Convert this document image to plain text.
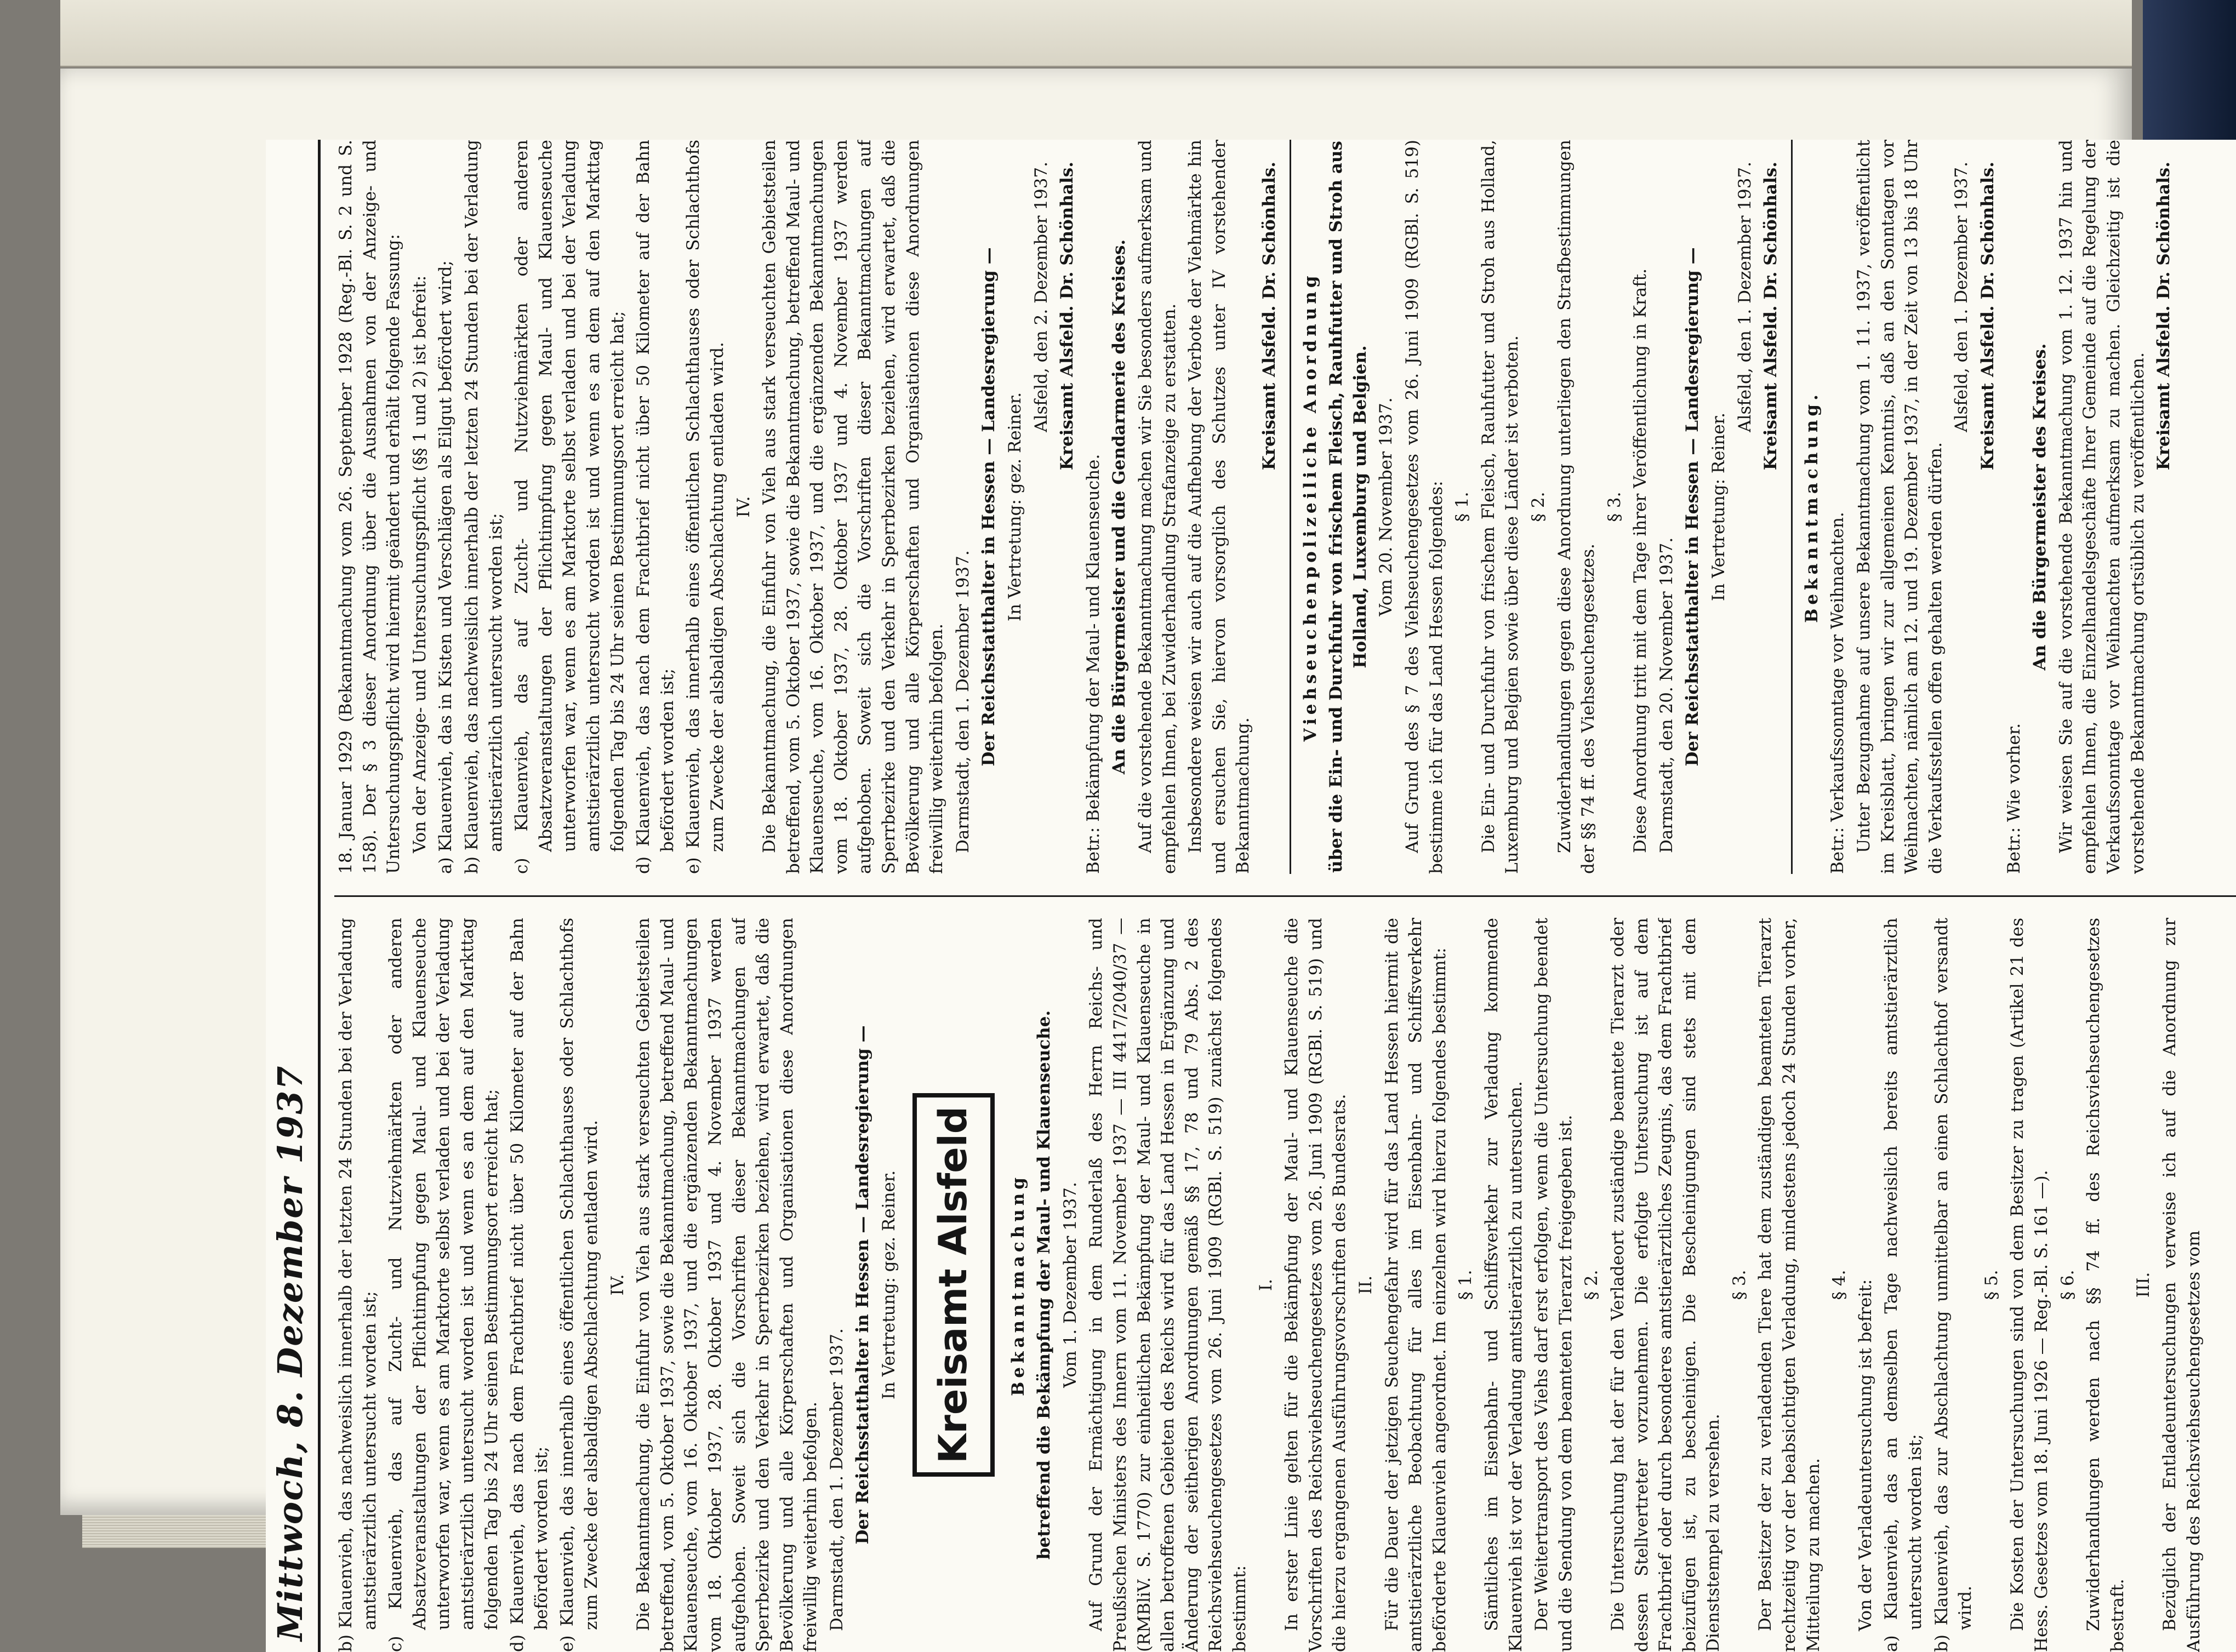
Mittwoch, 8. Dezember 1937 b) Klauenvieh, das nachweislich innerhalb der letzten 24 Stunden bei der Verladung amtstierärztlich untersucht worden ist; c) Klauenvieh, das auf Zucht- und Nutzviehmärkten oder anderen Absatzveranstaltungen der Pflichtimpfung gegen Maul- und Klauenseuche unterworfen war, wenn es am Marktorte selbst verladen und bei der Verladung amtstierärztlich untersucht worden ist und wenn es an dem auf den Markttag folgenden Tag bis 24 Uhr seinen Bestimmungsort erreicht hat; d) Klauenvieh, das nach dem Frachtbrief nicht über 50 Kilometer auf der Bahn befördert worden ist; e) Klauenvieh, das innerhalb eines öffentlichen Schlachthauses oder Schlachthofs zum Zwecke der alsbaldigen Abschlachtung entladen wird. IV. Die Bekanntmachung, die Einfuhr von Vieh aus stark verseuchten Gebietsteilen betreffend, vom 5. Oktober 1937, sowie die Bekanntmachung, betreffend Maul- und Klauenseuche, vom 16. Oktober 1937, und die ergänzenden Bekanntmachungen vom 18. Oktober 1937, 28. Oktober 1937 und 4. November 1937 werden aufgehoben. Soweit sich die Vorschriften dieser Bekanntmachungen auf Sperrbezirke und den Verkehr in Sperrbezirken beziehen, wird erwartet, daß die Bevölkerung und alle Körperschaften und Organisationen diese Anordnungen freiwillig weiterhin befolgen. Darmstadt, den 1. Dezember 1937. Der Reichsstatthalter in Hessen — Landesregierung — In Vertretung: gez. Reiner. Kreisamt Alsfeld	Bekanntmachung betreffend die Bekämpfung der Maul- und Klauenseuche. Vom 1. Dezember 1937. Auf Grund der Ermächtigung in dem Runderlaß des Herrn Reichs- und Preußischen Ministers des Innern vom 11. November 1937 — III 4417/2040/37 — (RMBliV. S. 1770) zur einheitlichen Bekämpfung der Maul- und Klauenseuche in allen betroffenen Gebieten des Reichs wird für das Land Hessen in Ergänzung und Änderung der seitherigen Anordnungen gemäß §§ 17, 78 und 79 Abs. 2 des Reichsviehseuchengesetzes vom 26. Juni 1909 (RGBl. S. 519) zunächst folgendes bestimmt:

I. In erster Linie gelten für die Bekämpfung der Maul- und Klauenseuche die Vorschriften des Reichsviehseuchengesetzes vom 26. Juni 1909 (RGBl. S. 519) und die hierzu ergangenen Ausführungsvorschriften des Bundesrats. II. Für die Dauer der jetzigen Seuchengefahr wird für das Land Hessen hiermit die amtstierärztliche Beobachtung für alles im Eisenbahn- und Schiffsverkehr beförderte Klauenvieh angeordnet. Im einzelnen wird hierzu folgendes bestimmt: § 1. Sämtliches im Eisenbahn- und Schiffsverkehr zur Verladung kommende Klauenvieh ist vor der Verladung amtstierärztlich zu untersuchen. Der Weitertransport des Viehs darf erst erfolgen, wenn die Untersuchung beendet und die Sendung von dem beamteten Tierarzt freigegeben ist. § 2. Die Untersuchung hat der für den Verladeort zuständige beamtete Tierarzt oder dessen Stellvertreter vorzunehmen. Die erfolgte Untersuchung ist auf dem Frachtbrief oder durch besonderes amtstierärztliches Zeugnis, das dem Frachtbrief beizufügen ist, zu bescheinigen. Die Bescheinigungen sind stets mit dem Dienststempel zu versehen.

§ 3. Der Besitzer der zu verladenden Tiere hat dem zuständigen beamteten Tierarzt rechtzeitig vor der beabsichtigten Verladung, mindestens jedoch 24 Stunden vorher, Mitteilung zu machen.

§ 4. Von der Verladeuntersuchung ist befreit: a) Klauenvieh, das an demselben Tage nachweislich bereits amtstierärztlich untersucht worden ist; b) Klauenvieh, das zur Abschlachtung unmittelbar an einen Schlachthof versandt wird.

§ 5. Die Kosten der Untersuchungen sind von dem Besitzer zu tragen (Artikel 21 des Hess. Gesetzes vom 18. Juni 1926 — Reg.-Bl. S. 161 —). § 6. Zuwiderhandlungen werden nach §§ 74 ff. des Reichsviehseuchengesetzes bestraft.

III. Bezüglich der Entladeuntersuchungen verweise ich auf die Anordnung zur Ausführung des Reichsviehseuchengesetzes vom

18. Januar 1929 (Bekanntmachung vom 26. September 1928 (Reg.-Bl. S. 2 und S. 158). Der § 3 dieser Anordnung über die Ausnahmen von der Anzeige- und Untersuchungspflicht wird hiermit geändert und erhält folgende Fassung: Von der Anzeige- und Untersuchungspflicht (§§ 1 und 2) ist befreit: a) Klauenvieh, das in Kisten und Verschlägen als Eilgut befördert wird; b) Klauenvieh, das nachweislich innerhalb der letzten 24 Stunden bei der Verladung amtstierärztlich untersucht worden ist; c) Klauenvieh, das auf Zucht- und Nutzviehmärkten oder anderen Absatzveranstaltungen der Pflichtimpfung gegen Maul- und Klauenseuche unterworfen war, wenn es am Marktorte selbst verladen und bei der Verladung amtstierärztlich untersucht worden ist und wenn es an dem auf den Markttag folgenden Tag bis 24 Uhr seinen Bestimmungsort erreicht hat; d) Klauenvieh, das nach dem Frachtbrief nicht über 50 Kilometer auf der Bahn befördert worden ist; e) Klauenvieh, das innerhalb eines öffentlichen Schlachthauses oder Schlachthofs zum Zwecke der alsbaldigen Abschlachtung entladen wird. IV. Die Bekanntmachung, die Einfuhr von Vieh aus stark verseuchten Gebietsteilen betreffend, vom 5. Oktober 1937, sowie die Bekanntmachung, betreffend Maul- und Klauenseuche, vom 16. Oktober 1937, und die ergänzenden Bekanntmachungen vom 18. Oktober 1937, 28. Oktober 1937 und 4. November 1937 werden aufgehoben. Soweit sich die Vorschriften dieser Bekanntmachungen auf Sperrbezirke und den Verkehr in Sperrbezirken beziehen, wird erwartet, daß die Bevölkerung und alle Körperschaften und Organisationen diese Anordnungen freiwillig weiterhin befolgen. Darmstadt, den 1. Dezember 1937. Der Reichsstatthalter in Hessen — Landesregierung — In Vertretung: gez. Reiner.

Alsfeld, den 2. Dezember 1937. Kreisamt Alsfeld. Dr. Schönhals.

Betr.: Bekämpfung der Maul- und Klauenseuche. An die Bürgermeister und die Gendarmerie des Kreises. Auf die vorstehende Bekanntmachung machen wir Sie besonders aufmerksam und empfehlen Ihnen, bei Zuwiderhandlung Strafanzeige zu erstatten. Insbesondere weisen wir auch auf die Aufhebung der Verbote der Viehmärkte hin und ersuchen Sie, hiervon vorsorglich des Schutzes unter IV vorstehender Bekanntmachung.

Kreisamt Alsfeld. Dr. Schönhals. Viehseuchenpolizeiliche Anordnung über die Ein- und Durchfuhr von frischem Fleisch, Rauhfutter und Stroh aus Holland, Luxemburg und Belgien. Vom 20. November 1937. Auf Grund des § 7 des Viehseuchengesetzes vom 26. Juni 1909 (RGBl. S. 519) bestimme ich für das Land Hessen folgendes: § 1. Die Ein- und Durchfuhr von frischem Fleisch, Rauhfutter und Stroh aus Holland, Luxemburg und Belgien sowie über diese Länder ist verboten. § 2. Zuwiderhandlungen gegen diese Anordnung unterliegen den Strafbestimmungen der §§ 74 ff. des Viehseuchengesetzes.

§ 3. Diese Anordnung tritt mit dem Tage ihrer Veröffentlichung in Kraft. Darmstadt, den 20. November 1937. Der Reichsstatthalter in Hessen — Landesregierung — In Vertretung: Reiner.

Alsfeld, den 1. Dezember 1937. Kreisamt Alsfeld. Dr. Schönhals.

Bekanntmachung.

Betr.: Verkaufssonntage vor Weihnachten. Unter Bezugnahme auf unsere Bekanntmachung vom 1. 11. 1937, veröffentlicht im Kreisblatt, bringen wir zur allgemeinen Kenntnis, daß an den Sonntagen vor Weihnachten, nämlich am 12. und 19. Dezember 1937, in der Zeit von 13 bis 18 Uhr die Verkaufsstellen offen gehalten werden dürfen.

Alsfeld, den 1. Dezember 1937. Kreisamt Alsfeld. Dr. Schönhals.

Betr.: Wie vorher.

An die Bürgermeister des Kreises. Wir weisen Sie auf die vorstehende Bekanntmachung vom 1. 12. 1937 hin und empfehlen Ihnen, die Einzelhandelsgeschäfte Ihrer Gemeinde auf die Regelung der Verkaufssonntage vor Weihnachten aufmerksam zu machen. Gleichzeitig ist die vorstehende Bekanntmachung ortsüblich zu veröffentlichen.

Kreisamt Alsfeld. Dr. Schönhals.
